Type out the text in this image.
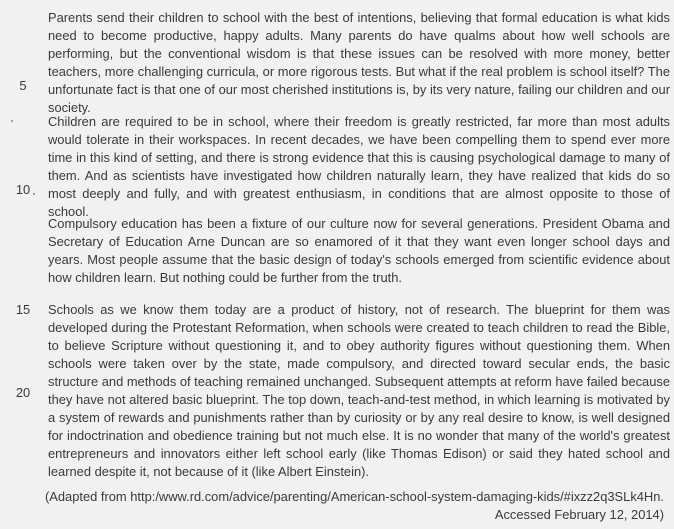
Parents send their children to school with the best of intentions, believing that formal education is what kids need to become productive, happy adults. Many parents do have qualms about how well schools are performing, but the conventional wisdom is that these issues can be resolved with more money, better teachers, more challenging curricula, or more rigorous tests. But what if the real problem is school itself? The unfortunate fact is that one of our most cherished institutions is, by its very nature, failing our children and our society.

Children are required to be in school, where their freedom is greatly restricted, far more than most adults would tolerate in their workspaces. In recent decades, we have been compelling them to spend ever more time in this kind of setting, and there is strong evidence that this is causing psychological damage to many of them. And as scientists have investigated how children naturally learn, they have realized that kids do so most deeply and fully, and with greatest enthusiasm, in conditions that are almost opposite to those of school.

Compulsory education has been a fixture of our culture now for several generations. President Obama and Secretary of Education Arne Duncan are so enamored of it that they want even longer school days and years. Most people assume that the basic design of today's schools emerged from scientific evidence about how children learn. But nothing could be further from the truth.

Schools as we know them today are a product of history, not of research. The blueprint for them was developed during the Protestant Reformation, when schools were created to teach children to read the Bible, to believe Scripture without questioning it, and to obey authority figures without questioning them. When schools were taken over by the state, made compulsory, and directed toward secular ends, the basic structure and methods of teaching remained unchanged. Subsequent attempts at reform have failed because they have not altered basic blueprint. The top down, teach-and-test method, in which learning is motivated by a system of rewards and punishments rather than by curiosity or by any real desire to know, is well designed for indoctrination and obedience training but not much else. It is no wonder that many of the world's greatest entrepreneurs and innovators either left school early (like Thomas Edison) or said they hated school and learned despite it, not because of it (like Albert Einstein).

5
10
15
20
(Adapted from http:/www.rd.com/advice/parenting/American-school-system-damaging-kids/#ixzz2q3SLk4Hn.
Accessed February 12, 2014)
